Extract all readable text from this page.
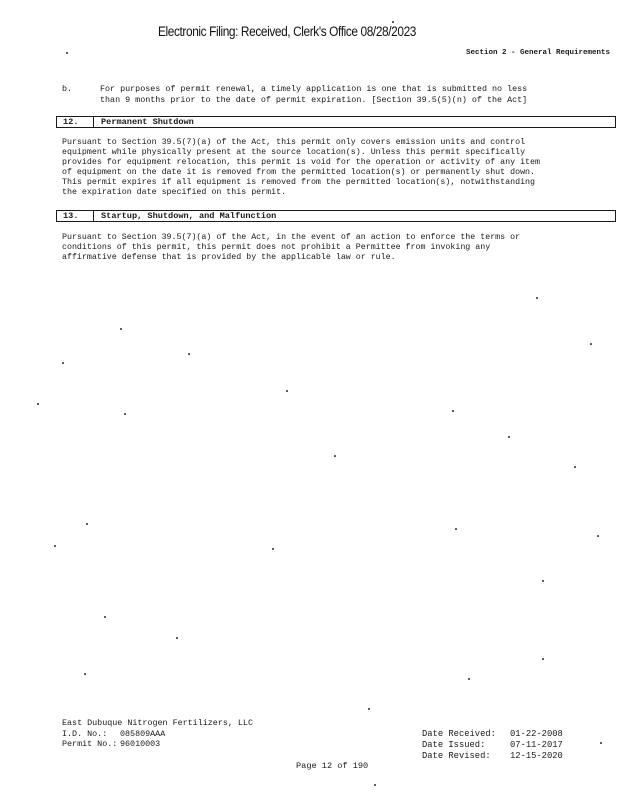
Electronic Filing: Received, Clerk's Office 08/28/2023
Section 2 - General Requirements
b.	For purposes of permit renewal, a timely application is one that is submitted no less
than 9 months prior to the date of permit expiration. [Section 39.5(5)(n) of the Act]
12.	Permanent Shutdown
Pursuant to Section 39.5(7)(a) of the Act, this permit only covers emission units and control
equipment while physically present at the source location(s). Unless this permit specifically
provides for equipment relocation, this permit is void for the operation or activity of any item
of equipment on the date it is removed from the permitted location(s) or permanently shut down.
This permit expires if all equipment is removed from the permitted location(s), notwithstanding
the expiration date specified on this permit.
13.	Startup, Shutdown, and Malfunction
Pursuant to Section 39.5(7)(a) of the Act, in the event of an action to enforce the terms or
conditions of this permit, this permit does not prohibit a Permittee from invoking any
affirmative defense that is provided by the applicable law or rule.
East Dubuque Nitrogen Fertilizers, LLC
I.D. No.: 085809AAA
Permit No.: 96010003
Date Received: 01-22-2008
Date Issued:	07-11-2017
Date Revised: 12-15-2020
Page 12 of 190
